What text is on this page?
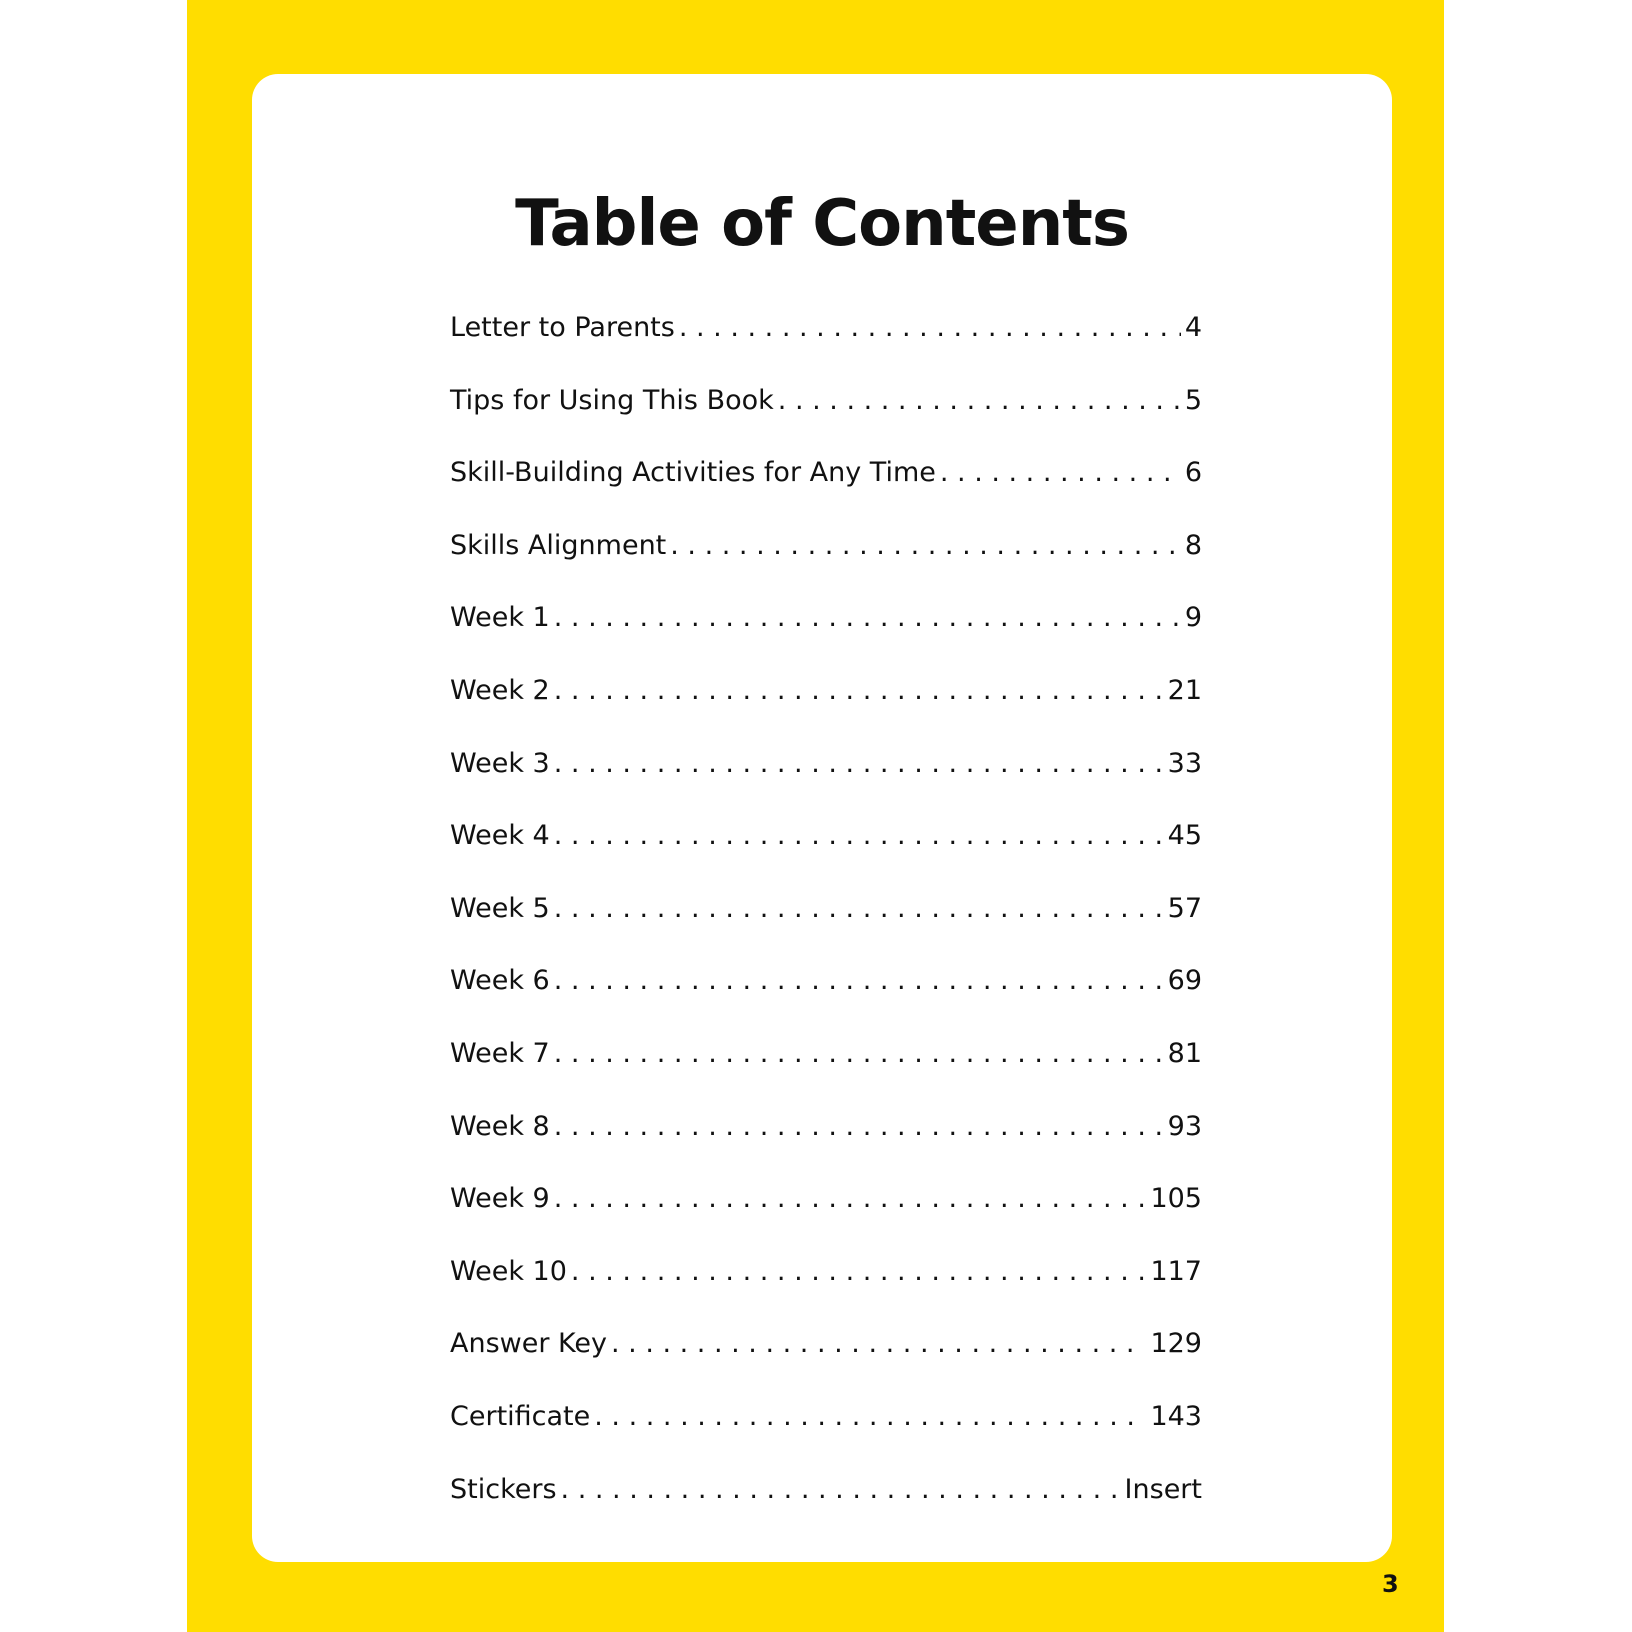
Table of Contents
Letter to Parents . . .	4
Tips for Using This Book . . .	5
Skill-Building Activities for Any Time . . .	6
Skills Alignment . . .	8
Week 1 . . .	9
Week 2 . . .	21
Week 3 . . .	33
Week 4 . . .	45
Week 5 . . .	57
Week 6 . . .	69
Week 7 . . .	81
Week 8 . . .	93
Week 9 . . .	105
Week 10 . . .	117
Answer Key . . .	129
Certificate . . .	143
Stickers . . .	Insert
3
